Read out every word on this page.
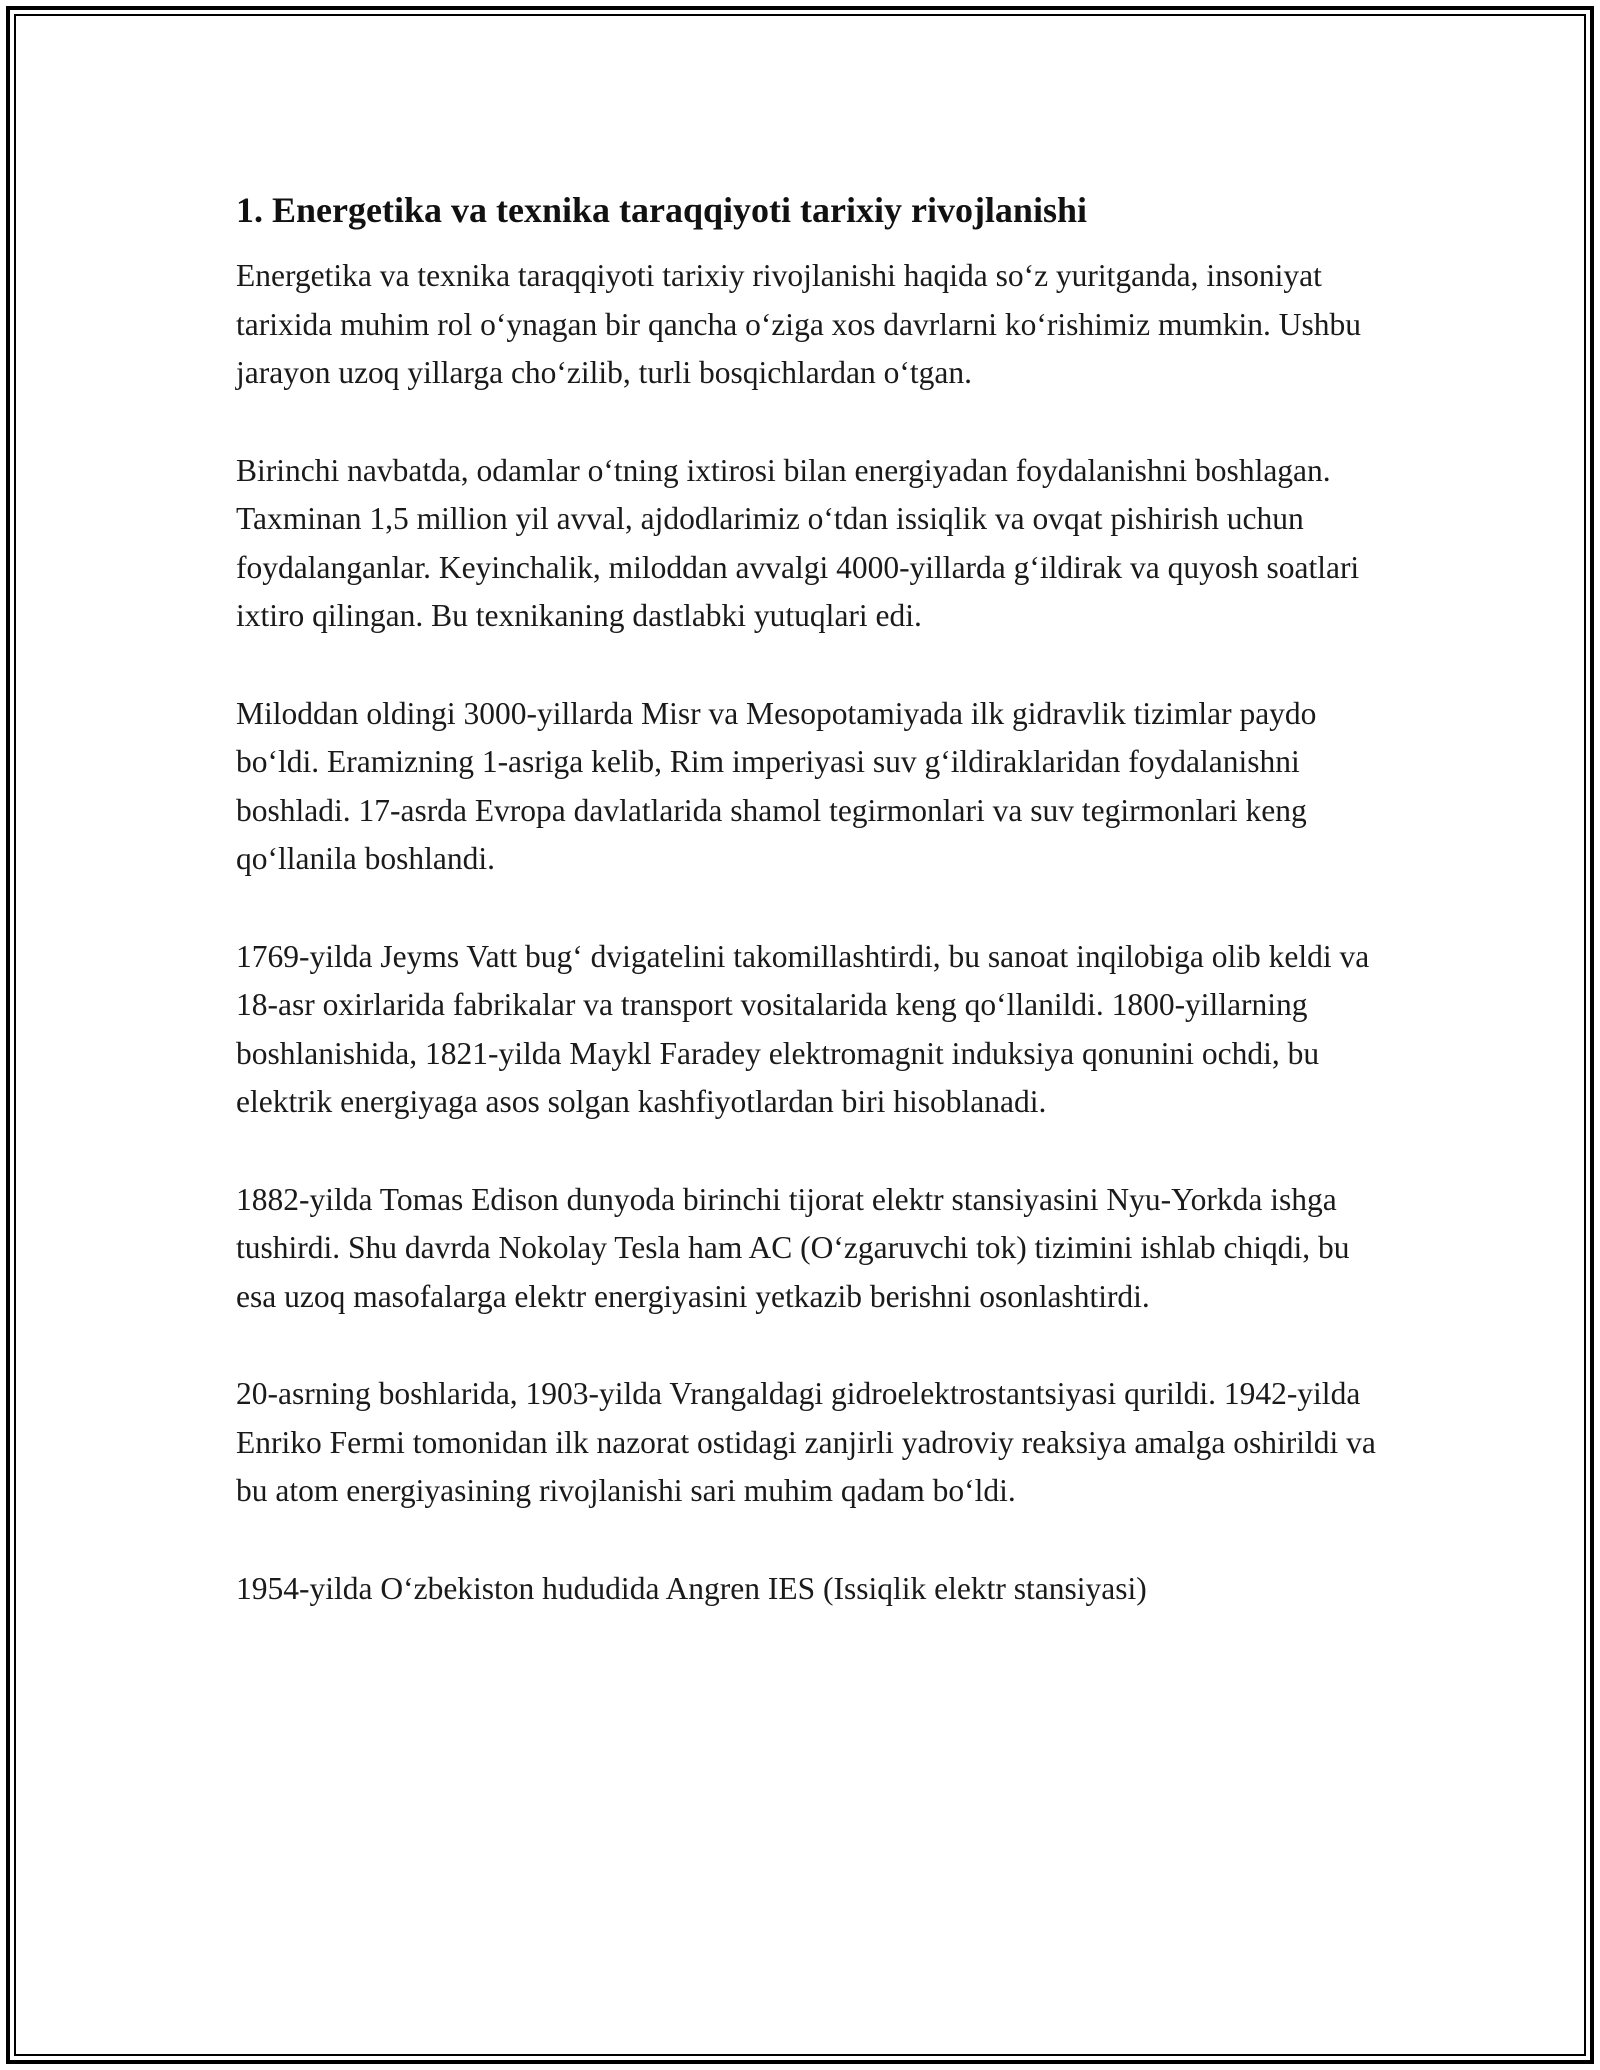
1. Energetika va texnika taraqqiyoti tarixiy rivojlanishi

Energetika va texnika taraqqiyoti tarixiy rivojlanishi haqida so‘z yuritganda, insoniyat tarixida muhim rol o‘ynagan bir qancha o‘ziga xos davrlarni ko‘rishimiz mumkin. Ushbu jarayon uzoq yillarga cho‘zilib, turli bosqichlardan o‘tgan.

Birinchi navbatda, odamlar o‘tning ixtirosi bilan energiyadan foydalanishni boshlagan. Taxminan 1,5 million yil avval, ajdodlarimiz o‘tdan issiqlik va ovqat pishirish uchun foydalanganlar. Keyinchalik, miloddan avvalgi 4000-yillarda g‘ildirak va quyosh soatlari ixtiro qilingan. Bu texnikaning dastlabki yutuqlari edi.

Miloddan oldingi 3000-yillarda Misr va Mesopotamiyada ilk gidravlik tizimlar paydo bo‘ldi. Eramizning 1-asriga kelib, Rim imperiyasi suv g‘ildiraklaridan foydalanishni boshladi. 17-asrda Evropa davlatlarida shamol tegirmonlari va suv tegirmonlari keng qo‘llanila boshlandi.

1769-yilda Jeyms Vatt bug‘ dvigatelini takomillashtirdi, bu sanoat inqilobiga olib keldi va 18-asr oxirlarida fabrikalar va transport vositalarida keng qo‘llanildi. 1800-yillarning boshlanishida, 1821-yilda Maykl Faradey elektromagnit induksiya qonunini ochdi, bu elektrik energiyaga asos solgan kashfiyotlardan biri hisoblanadi.

1882-yilda Tomas Edison dunyoda birinchi tijorat elektr stansiyasini Nyu-Yorkda ishga tushirdi. Shu davrda Nokolay Tesla ham AC (O‘zgaruvchi tok) tizimini ishlab chiqdi, bu esa uzoq masofalarga elektr energiyasini yetkazib berishni osonlashtirdi.

20-asrning boshlarida, 1903-yilda Vrangaldagi gidroelektrostantsiyasi qurildi. 1942-yilda Enriko Fermi tomonidan ilk nazorat ostidagi zanjirli yadroviy reaksiya amalga oshirildi va bu atom energiyasining rivojlanishi sari muhim qadam bo‘ldi.

1954-yilda O‘zbekiston hududida Angren IES (Issiqlik elektr stansiyasi)
